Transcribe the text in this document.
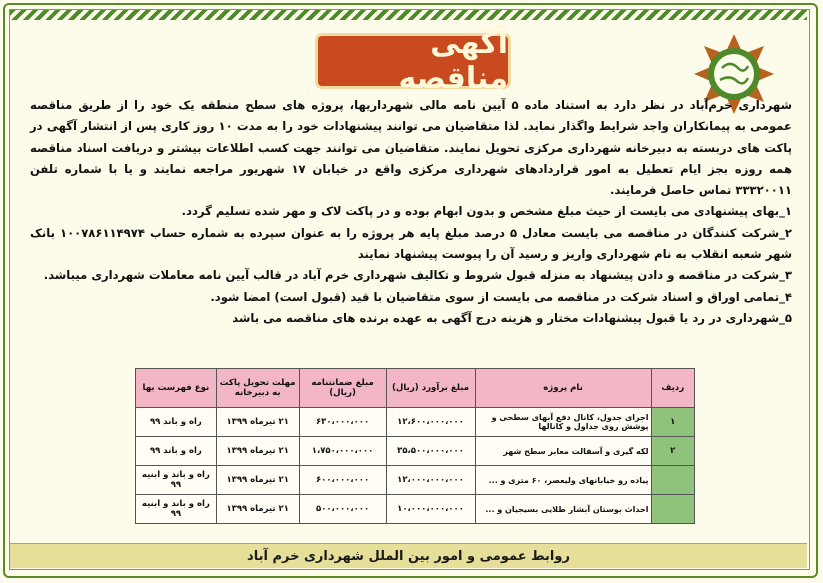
آگهی مناقصه

شهرداری خرم‌آباد در نظر دارد به استناد ماده ۵ آیین نامه مالی شهرداریها، پروژه های سطح منطقه یک خود را از طریق مناقصه عمومی به پیمانکاران واجد شرایط واگذار نماید. لذا متقاضیان می توانند پیشنهادات خود را به مدت ۱۰ روز کاری پس از انتشار آگهی در پاکت های دربسته به دبیرخانه شهرداری مرکزی تحویل نمایند. متقاضیان می توانند جهت کسب اطلاعات بیشتر و دریافت اسناد مناقصه همه روزه بجز ایام تعطیل به امور قراردادهای شهرداری مرکزی واقع در خیابان ۱۷ شهریور مراجعه نمایند و یا با شماره تلفن ۳۳۳۲۰۰۱۱ تماس حاصل فرمایند.

۱_بهای پیشنهادی می بایست از حیث مبلغ مشخص و بدون ابهام بوده و در پاکت لاک و مهر شده تسلیم گردد.

۲_شرکت کنندگان در مناقصه می بایست معادل ۵ درصد مبلغ پایه هر پروژه را به عنوان سپرده به شماره حساب ۱۰۰۷۸۶۱۱۴۹۷۴ بانک شهر شعبه انقلاب به نام شهرداری واریز و رسید آن را پیوست پیشنهاد نمایند

۳_شرکت در مناقصه و دادن پیشنهاد به منزله قبول شروط و تکالیف شهرداری خرم آباد در قالب آیین نامه معاملات شهرداری میباشد.

۴_تمامی اوراق و اسناد شرکت در مناقصه می بایست از سوی متقاضیان با قید (قبول است) امضا شود.

۵_شهرداری در رد یا قبول پیشنهادات مختار و هزینه درج آگهی به عهده برنده های مناقصه می باشد

ردیف	نام پروژه	مبلغ برآورد (ریال)	مبلغ ضمانتنامه (ریال)	مهلت تحویل پاکت به دبیرخانه	نوع فهرست بها
۱	اجرای جدول، کانال دفع آبهای سطحی و پوشش روی جداول و کانالها	۱۲،۶۰۰،۰۰۰،۰۰۰	۶۳۰،۰۰۰،۰۰۰	۲۱ تیرماه ۱۳۹۹	راه و باند ۹۹
۲	لکه گیری و آسفالت معابر سطح شهر	۳۵،۵۰۰،۰۰۰،۰۰۰	۱،۷۵۰،۰۰۰،۰۰۰	۲۱ تیرماه ۱۳۹۹	راه و باند ۹۹
	پیاده رو خیابانهای ولیعصر، ۶۰ متری و ...	۱۲،۰۰۰،۰۰۰،۰۰۰	۶۰۰،۰۰۰،۰۰۰	۲۱ تیرماه ۱۳۹۹	راه و باند و ابنیه ۹۹
	احداث بوستان آبشار طلایی بسیجیان و ...	۱۰،۰۰۰،۰۰۰،۰۰۰	۵۰۰،۰۰۰،۰۰۰	۲۱ تیرماه ۱۳۹۹	راه و باند و ابنیه ۹۹
روابط عمومی و امور بین الملل شهرداری خرم آباد
